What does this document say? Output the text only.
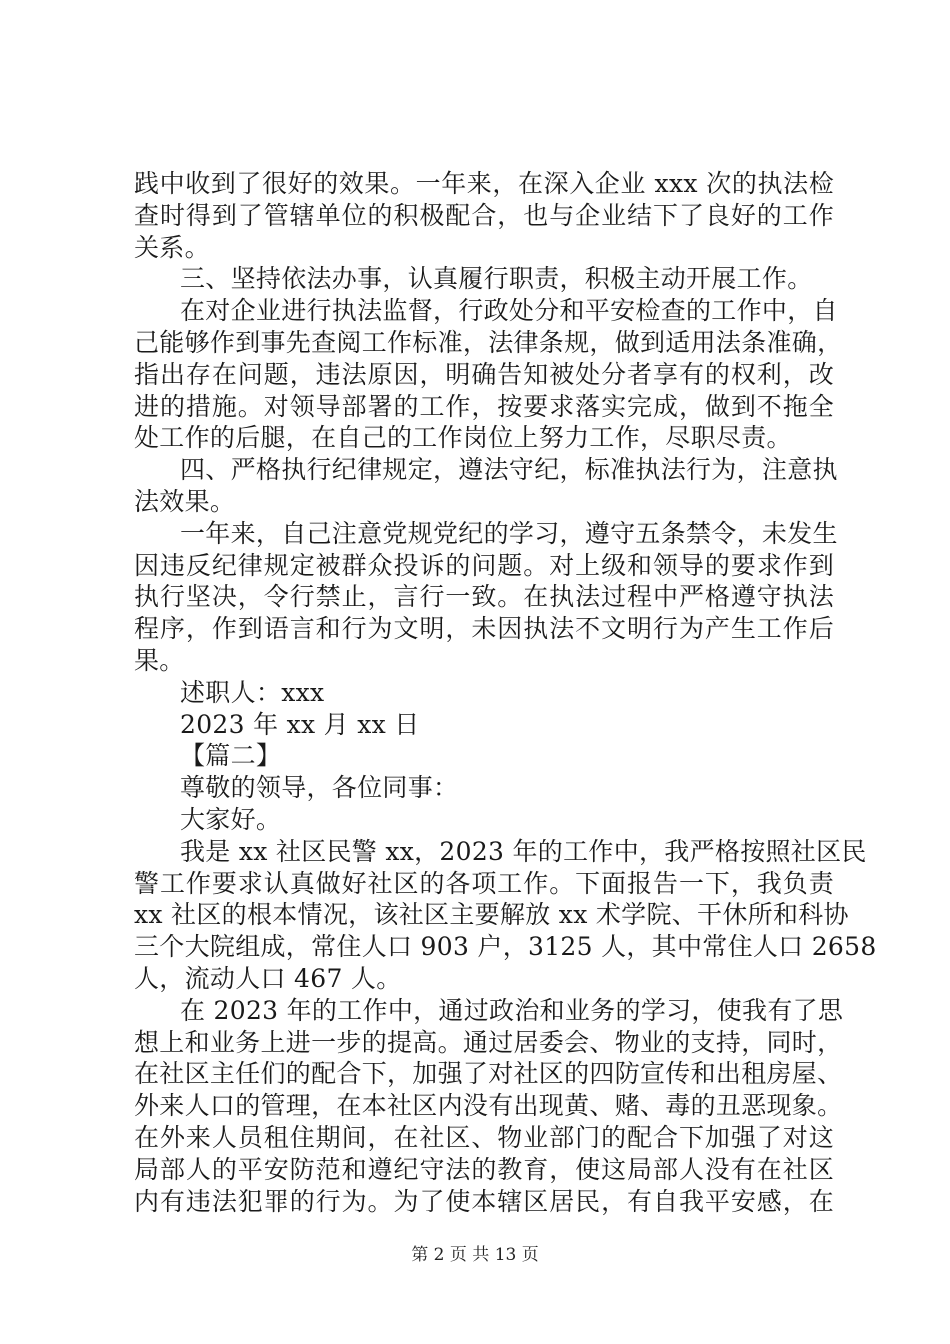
践中收到了很好的效果。一年来，在深入企业 xxx 次的执法检
查时得到了管辖单位的积极配合，也与企业结下了良好的工作
关系。
三、坚持依法办事，认真履行职责，积极主动开展工作。
在对企业进行执法监督，行政处分和平安检查的工作中，自
己能够作到事先查阅工作标准，法律条规，做到适用法条准确，
指出存在问题，违法原因，明确告知被处分者享有的权利，改
进的措施。对领导部署的工作，按要求落实完成，做到不拖全
处工作的后腿，在自己的工作岗位上努力工作，尽职尽责。
四、严格执行纪律规定，遵法守纪，标准执法行为，注意执
法效果。
一年来，自己注意党规党纪的学习，遵守五条禁令，未发生
因违反纪律规定被群众投诉的问题。对上级和领导的要求作到
执行坚决，令行禁止，言行一致。在执法过程中严格遵守执法
程序，作到语言和行为文明，未因执法不文明行为产生工作后
果。
述职人：xxx
2023 年 xx 月 xx 日
【篇二】
尊敬的领导，各位同事：
大家好。
我是 xx 社区民警 xx，2023 年的工作中，我严格按照社区民
警工作要求认真做好社区的各项工作。下面报告一下，我负责
xx 社区的根本情况，该社区主要解放 xx 术学院、干休所和科协
三个大院组成，常住人口 903 户，3125 人，其中常住人口 2658
人，流动人口 467 人。
在 2023 年的工作中，通过政治和业务的学习，使我有了思
想上和业务上进一步的提高。通过居委会、物业的支持，同时，
在社区主任们的配合下，加强了对社区的四防宣传和出租房屋、
外来人口的管理，在本社区内没有出现黄、赌、毒的丑恶现象。
在外来人员租住期间，在社区、物业部门的配合下加强了对这
局部人的平安防范和遵纪守法的教育，使这局部人没有在社区
内有违法犯罪的行为。为了使本辖区居民，有自我平安感，在
第 2 页 共 13 页
